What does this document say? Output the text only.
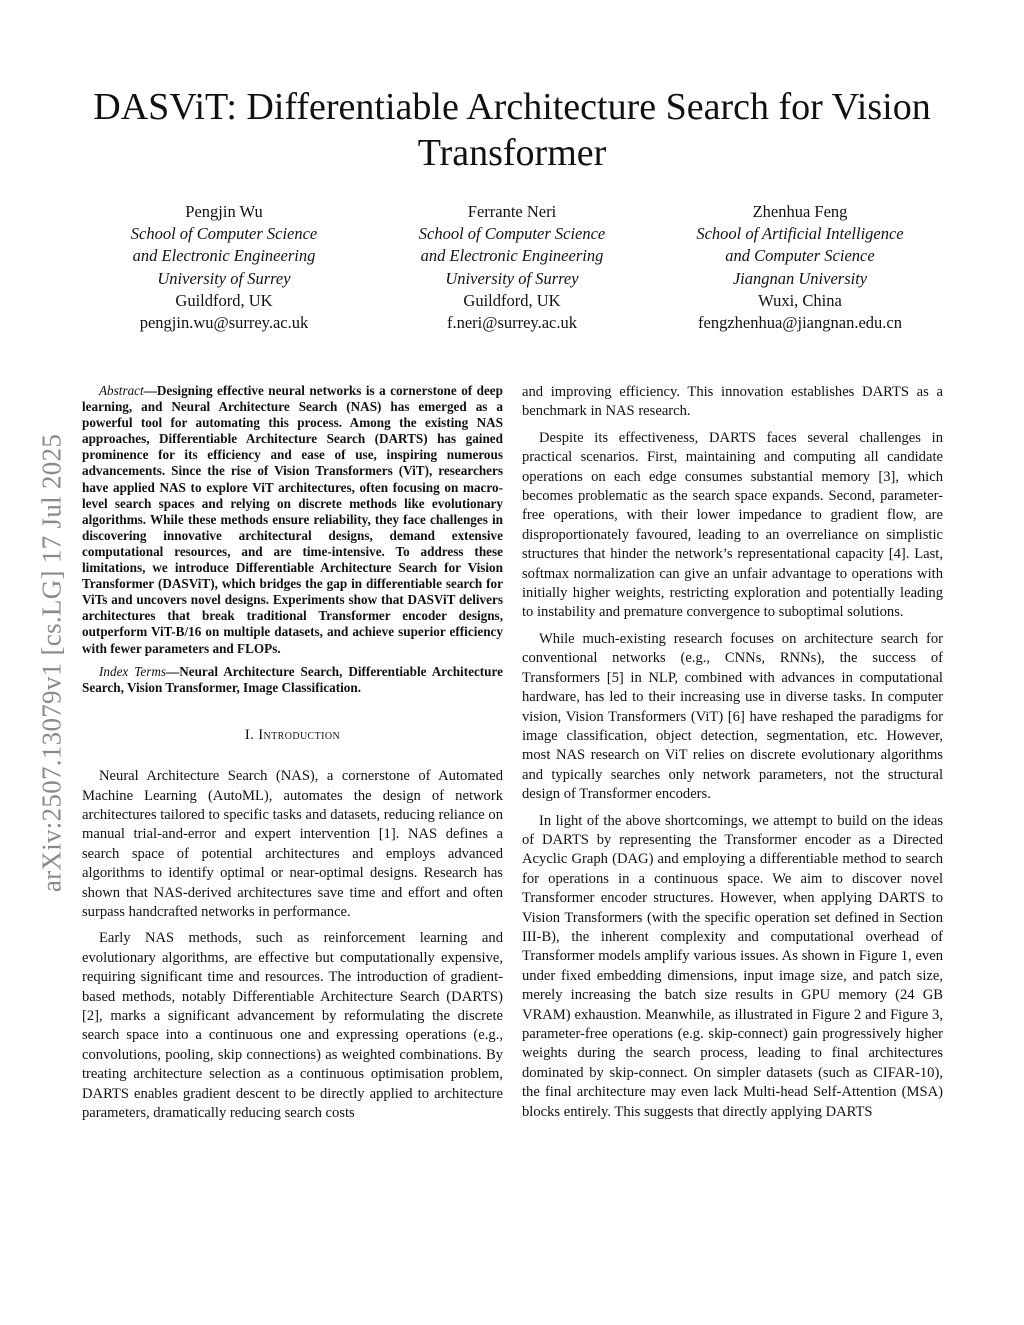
DASViT: Differentiable Architecture Search for Vision Transformer
Pengjin Wu
School of Computer Science
and Electronic Engineering
University of Surrey
Guildford, UK
pengjin.wu@surrey.ac.uk
Ferrante Neri
School of Computer Science
and Electronic Engineering
University of Surrey
Guildford, UK
f.neri@surrey.ac.uk
Zhenhua Feng
School of Artificial Intelligence
and Computer Science
Jiangnan University
Wuxi, China
fengzhenhua@jiangnan.edu.cn
arXiv:2507.13079v1 [cs.LG] 17 Jul 2025

Abstract—Designing effective neural networks is a cornerstone of deep learning, and Neural Architecture Search (NAS) has emerged as a powerful tool for automating this process. Among the existing NAS approaches, Differentiable Architecture Search (DARTS) has gained prominence for its efficiency and ease of use, inspiring numerous advancements. Since the rise of Vision Transformers (ViT), researchers have applied NAS to explore ViT architectures, often focusing on macro-level search spaces and relying on discrete methods like evolutionary algorithms. While these methods ensure reliability, they face challenges in discovering innovative architectural designs, demand extensive computational resources, and are time-intensive. To address these limitations, we introduce Differentiable Architecture Search for Vision Transformer (DASViT), which bridges the gap in differentiable search for ViTs and uncovers novel designs. Experiments show that DASViT delivers architectures that break traditional Transformer encoder designs, outperform ViT-B/16 on multiple datasets, and achieve superior efficiency with fewer parameters and FLOPs.

Index Terms—Neural Architecture Search, Differentiable Architecture Search, Vision Transformer, Image Classification.

I. Introduction

Neural Architecture Search (NAS), a cornerstone of Automated Machine Learning (AutoML), automates the design of network architectures tailored to specific tasks and datasets, reducing reliance on manual trial-and-error and expert intervention [1]. NAS defines a search space of potential architectures and employs advanced algorithms to identify optimal or near-optimal designs. Research has shown that NAS-derived architectures save time and effort and often surpass handcrafted networks in performance.

Early NAS methods, such as reinforcement learning and evolutionary algorithms, are effective but computationally expensive, requiring significant time and resources. The introduction of gradient-based methods, notably Differentiable Architecture Search (DARTS) [2], marks a significant advancement by reformulating the discrete search space into a continuous one and expressing operations (e.g., convolutions, pooling, skip connections) as weighted combinations. By treating architecture selection as a continuous optimisation problem, DARTS enables gradient descent to be directly applied to architecture parameters, dramatically reducing search costs

and improving efficiency. This innovation establishes DARTS as a benchmark in NAS research.

Despite its effectiveness, DARTS faces several challenges in practical scenarios. First, maintaining and computing all candidate operations on each edge consumes substantial memory [3], which becomes problematic as the search space expands. Second, parameter-free operations, with their lower impedance to gradient flow, are disproportionately favoured, leading to an overreliance on simplistic structures that hinder the network’s representational capacity [4]. Last, softmax normalization can give an unfair advantage to operations with initially higher weights, restricting exploration and potentially leading to instability and premature convergence to suboptimal solutions.

While much-existing research focuses on architecture search for conventional networks (e.g., CNNs, RNNs), the success of Transformers [5] in NLP, combined with advances in computational hardware, has led to their increasing use in diverse tasks. In computer vision, Vision Transformers (ViT) [6] have reshaped the paradigms for image classification, object detection, segmentation, etc. However, most NAS research on ViT relies on discrete evolutionary algorithms and typically searches only network parameters, not the structural design of Transformer encoders.

In light of the above shortcomings, we attempt to build on the ideas of DARTS by representing the Transformer encoder as a Directed Acyclic Graph (DAG) and employing a differentiable method to search for operations in a continuous space. We aim to discover novel Transformer encoder structures. However, when applying DARTS to Vision Transformers (with the specific operation set defined in Section III-B), the inherent complexity and computational overhead of Transformer models amplify various issues. As shown in Figure 1, even under fixed embedding dimensions, input image size, and patch size, merely increasing the batch size results in GPU memory (24 GB VRAM) exhaustion. Meanwhile, as illustrated in Figure 2 and Figure 3, parameter-free operations (e.g. skip-connect) gain progressively higher weights during the search process, leading to final architectures dominated by skip-connect. On simpler datasets (such as CIFAR-10), the final architecture may even lack Multi-head Self-Attention (MSA) blocks entirely. This suggests that directly applying DARTS
